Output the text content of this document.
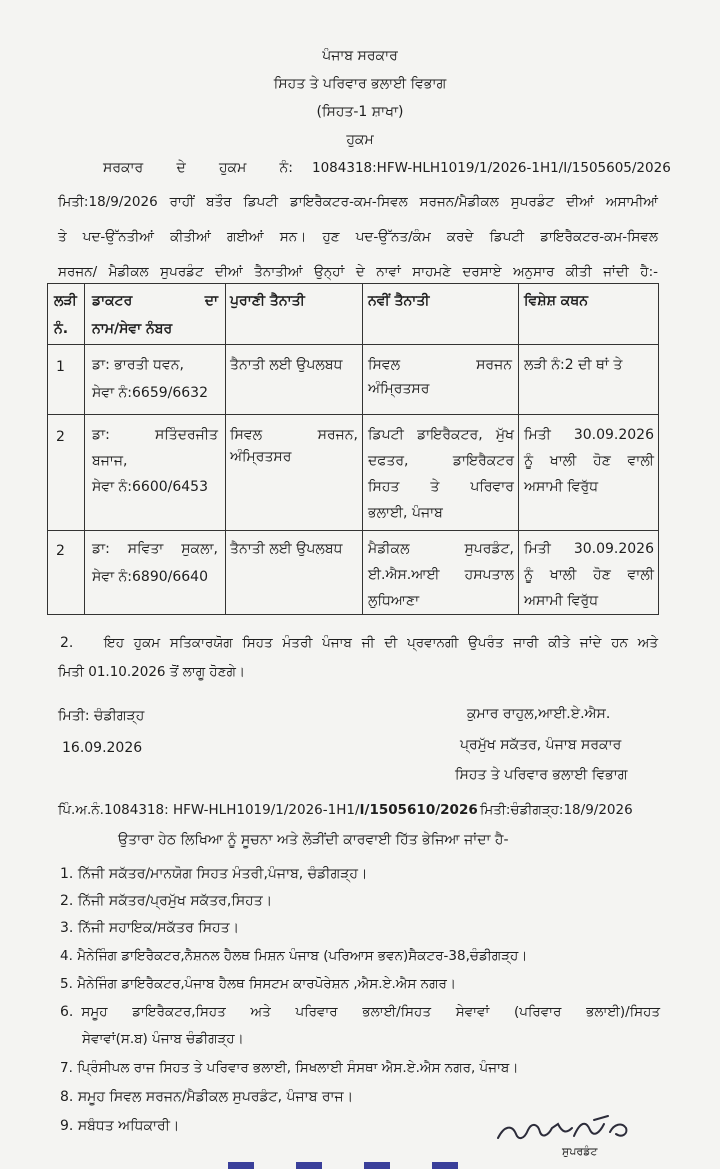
ਪੰਜਾਬ ਸਰਕਾਰ
ਸਿਹਤ ਤੇ ਪਰਿਵਾਰ ਭਲਾਈ ਵਿਭਾਗ
(ਸਿਹਤ-1 ਸ਼ਾਖਾ)
ਹੁਕਮ
ਸਰਕਾਰ ਦੇ ਹੁਕਮ ਨੰ: 1084318:HFW-HLH1019/1/2026-1H1/I/1505605/2026
ਮਿਤੀ:18/9/2026 ਰਾਹੀਂ ਬਤੌਰ ਡਿਪਟੀ ਡਾਇਰੈਕਟਰ-ਕਮ-ਸਿਵਲ ਸਰਜਨ/ਮੈਡੀਕਲ ਸੁਪਰਡੰਟ ਦੀਆਂ ਅਸਾਮੀਆਂ
ਤੇ ਪਦ-ਉੱਨਤੀਆਂ ਕੀਤੀਆਂ ਗਈਆਂ ਸਨ। ਹੁਣ ਪਦ-ਉੱਨਤ/ਕੰਮ ਕਰਦੇ ਡਿਪਟੀ ਡਾਇਰੈਕਟਰ-ਕਮ-ਸਿਵਲ
ਸਰਜਨ/ ਮੈਡੀਕਲ ਸੁਪਰਡੰਟ ਦੀਆਂ ਤੈਨਾਤੀਆਂ ਉਨ੍ਹਾਂ ਦੇ ਨਾਵਾਂ ਸਾਹਮਣੇ ਦਰਸਾਏ ਅਨੁਸਾਰ ਕੀਤੀ ਜਾਂਦੀ ਹੈ:-
ਲੜੀ
ਨੰ.
ਡਾਕਟਰ ਦਾ
ਨਾਮ/ਸੇਵਾ ਨੰਬਰ
ਪੁਰਾਣੀ ਤੈਨਾਤੀ	ਨਵੀਂ ਤੈਨਾਤੀ	ਵਿਸ਼ੇਸ਼ ਕਥਨ
1 ਡਾ: ਭਾਰਤੀ ਧਵਨ,
ਸੇਵਾ ਨੰ:6659/6632
ਤੈਨਾਤੀ ਲਈ ਉਪਲਬਧ ਸਿਵਲ ਸਰਜਨ
ਅੰਮ੍ਰਿਤਸਰ
ਲੜੀ ਨੰ:2 ਦੀ ਥਾਂ ਤੇ
2 ਡਾ: ਸਤਿੰਦਰਜੀਤ
ਬਜਾਜ,
ਸੇਵਾ ਨੰ:6600/6453
ਸਿਵਲ ਸਰਜਨ,
ਅੰਮ੍ਰਿਤਸਰ
ਡਿਪਟੀ ਡਾਇਰੈਕਟਰ, ਮੁੱਖ
ਦਫਤਰ, ਡਾਇਰੈਕਟਰ
ਸਿਹਤ ਤੇ ਪਰਿਵਾਰ
ਭਲਾਈ, ਪੰਜਾਬ
ਮਿਤੀ 30.09.2026
ਨੂੰ ਖਾਲੀ ਹੋਣ ਵਾਲੀ
ਅਸਾਮੀ ਵਿਰੁੱਧ
2 ਡਾ: ਸਵਿਤਾ ਸੁਕਲਾ,
ਸੇਵਾ ਨੰ:6890/6640
ਤੈਨਾਤੀ ਲਈ ਉਪਲਬਧ ਮੈਡੀਕਲ ਸੁਪਰਡੰਟ,
ਈ.ਐਸ.ਆਈ ਹਸਪਤਾਲ
ਲੁਧਿਆਣਾ
ਮਿਤੀ 30.09.2026
ਨੂੰ ਖਾਲੀ ਹੋਣ ਵਾਲੀ
ਅਸਾਮੀ ਵਿਰੁੱਧ
2. ਇਹ ਹੁਕਮ ਸਤਿਕਾਰਯੋਗ ਸਿਹਤ ਮੰਤਰੀ ਪੰਜਾਬ ਜੀ ਦੀ ਪ੍ਰਵਾਨਗੀ ਉਪਰੰਤ ਜਾਰੀ ਕੀਤੇ ਜਾਂਦੇ ਹਨ ਅਤੇ
ਮਿਤੀ 01.10.2026 ਤੋਂ ਲਾਗੂ ਹੋਣਗੇ।
ਮਿਤੀ: ਚੰਡੀਗੜ੍ਹ
16.09.2026
ਕੁਮਾਰ ਰਾਹੁਲ,ਆਈ.ਏ.ਐਸ.
ਪ੍ਰਮੁੱਖ ਸਕੱਤਰ, ਪੰਜਾਬ ਸਰਕਾਰ
ਸਿਹਤ ਤੇ ਪਰਿਵਾਰ ਭਲਾਈ ਵਿਭਾਗ
ਪਿੰ.ਅ.ਨੰ.1084318: HFW-HLH1019/1/2026-1H1/I/1505610/2026 ਮਿਤੀ:ਚੰਡੀਗੜ੍ਹ:18/9/2026
ਉਤਾਰਾ ਹੇਠ ਲਿਖਿਆ ਨੂੰ ਸੂਚਨਾ ਅਤੇ ਲੋੜੀਂਦੀ ਕਾਰਵਾਈ ਹਿੱਤ ਭੇਜਿਆ ਜਾਂਦਾ ਹੈ-
1. ਨਿੱਜੀ ਸਕੱਤਰ/ਮਾਨਯੋਗ ਸਿਹਤ ਮੰਤਰੀ,ਪੰਜਾਬ, ਚੰਡੀਗੜ੍ਹ।
2. ਨਿੱਜੀ ਸਕੱਤਰ/ਪ੍ਰਮੁੱਖ ਸਕੱਤਰ,ਸਿਹਤ।
3. ਨਿੱਜੀ ਸਹਾਇਕ/ਸਕੱਤਰ ਸਿਹਤ।
4. ਮੈਨੇਜਿੰਗ ਡਾਇਰੈਕਟਰ,ਨੈਸ਼ਨਲ ਹੈਲਥ ਮਿਸ਼ਨ ਪੰਜਾਬ (ਪਰਿਆਸ ਭਵਨ)ਸੈਕਟਰ-38,ਚੰਡੀਗੜ੍ਹ।
5. ਮੈਨੇਜਿੰਗ ਡਾਇਰੈਕਟਰ,ਪੰਜਾਬ ਹੈਲਥ ਸਿਸਟਮ ਕਾਰਪੋਰੇਸ਼ਨ ,ਐਸ.ਏ.ਐਸ ਨਗਰ।
6. ਸਮੂਹ ਡਾਇਰੈਕਟਰ,ਸਿਹਤ ਅਤੇ ਪਰਿਵਾਰ ਭਲਾਈ/ਸਿਹਤ ਸੇਵਾਵਾਂ (ਪਰਿਵਾਰ ਭਲਾਈ)/ਸਿਹਤ
ਸੇਵਾਵਾਂ(ਸ.ਬ) ਪੰਜਾਬ ਚੰਡੀਗੜ੍ਹ।
7. ਪ੍ਰਿੰਸੀਪਲ ਰਾਜ ਸਿਹਤ ਤੇ ਪਰਿਵਾਰ ਭਲਾਈ, ਸਿਖਲਾਈ ਸੰਸਥਾ ਐਸ.ਏ.ਐਸ ਨਗਰ, ਪੰਜਾਬ।
8. ਸਮੂਹ ਸਿਵਲ ਸਰਜਨ/ਮੈਡੀਕਲ ਸੁਪਰਡੰਟ, ਪੰਜਾਬ ਰਾਜ।
9. ਸਬੰਧਤ ਅਧਿਕਾਰੀ।
ਸੁਪਰਡੰਟ
